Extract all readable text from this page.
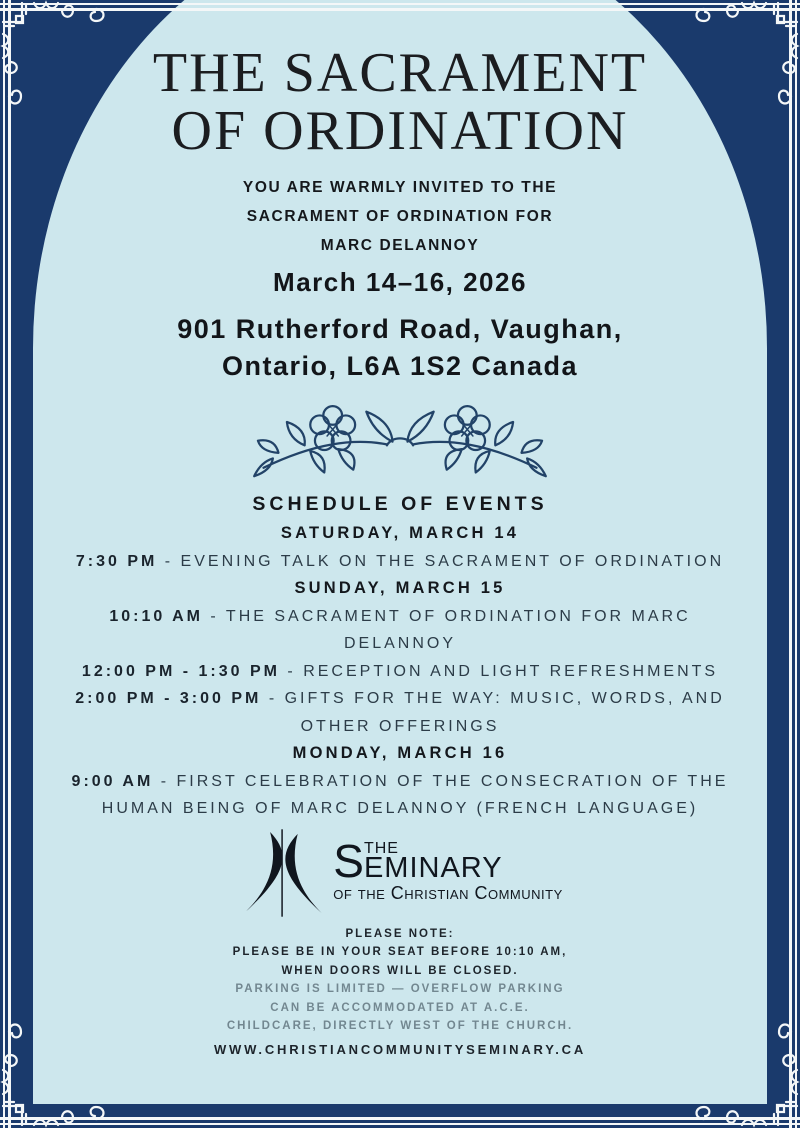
THE SACRAMENT
OF ORDINATION
YOU ARE WARMLY INVITED TO THE
SACRAMENT OF ORDINATION FOR
MARC DELANNOY
March 14–16, 2026
901 Rutherford Road, Vaughan,
Ontario, L6A 1S2 Canada
SCHEDULE OF EVENTS
SATURDAY, MARCH 14
7:30 PM - EVENING TALK ON THE SACRAMENT OF ORDINATION
SUNDAY, MARCH 15
10:10 AM - THE SACRAMENT OF ORDINATION FOR MARC DELANNOY
12:00 PM - 1:30 PM - RECEPTION AND LIGHT REFRESHMENTS
2:00 PM - 3:00 PM - GIFTS FOR THE WAY: MUSIC, WORDS, AND OTHER OFFERINGS
MONDAY, MARCH 16
9:00 AM - FIRST CELEBRATION OF THE CONSECRATION OF THE HUMAN BEING OF MARC DELANNOY (FRENCH LANGUAGE)
S THE
EMINARY
of the Christian Community
PLEASE NOTE:
PLEASE BE IN YOUR SEAT BEFORE 10:10 AM,
WHEN DOORS WILL BE CLOSED.
PARKING IS LIMITED — OVERFLOW PARKING
CAN BE ACCOMMODATED AT A.C.E.
CHILDCARE, DIRECTLY WEST OF THE CHURCH.
WWW.CHRISTIANCOMMUNITYSEMINARY.CA
